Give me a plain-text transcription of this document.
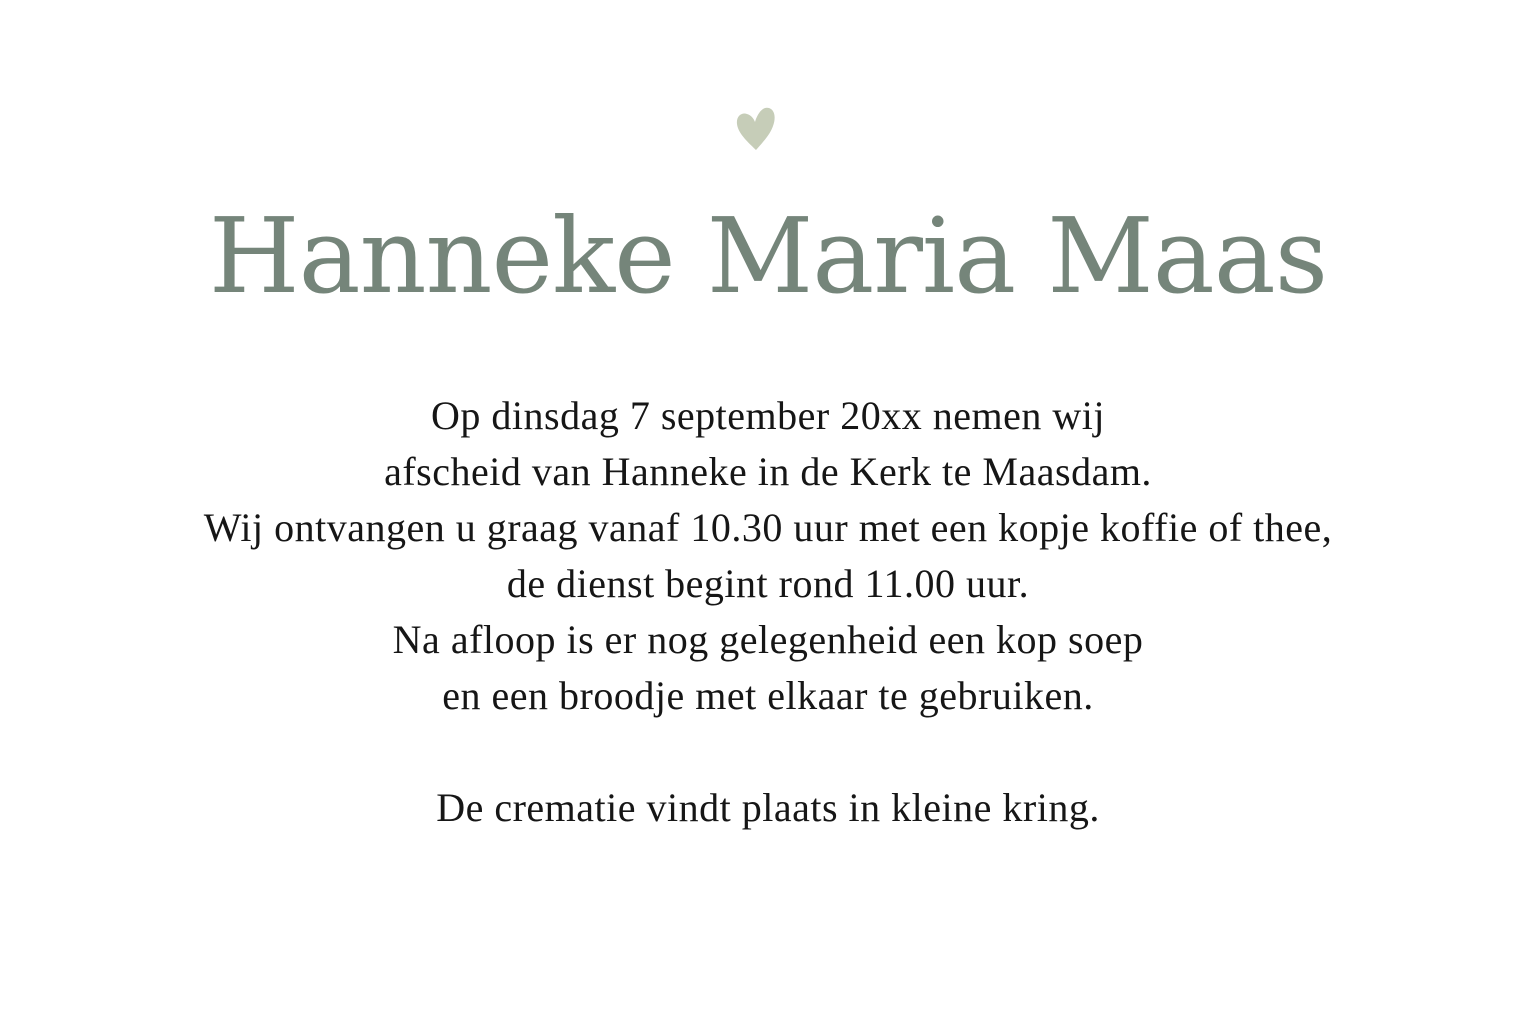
Hanneke Maria Maas
Op dinsdag 7 september 20xx nemen wij
afscheid van Hanneke in de Kerk te Maasdam.
Wij ontvangen u graag vanaf 10.30 uur met een kopje koffie of thee,
de dienst begint rond 11.00 uur.
Na afloop is er nog gelegenheid een kop soep
en een broodje met elkaar te gebruiken.
De crematie vindt plaats in kleine kring.
